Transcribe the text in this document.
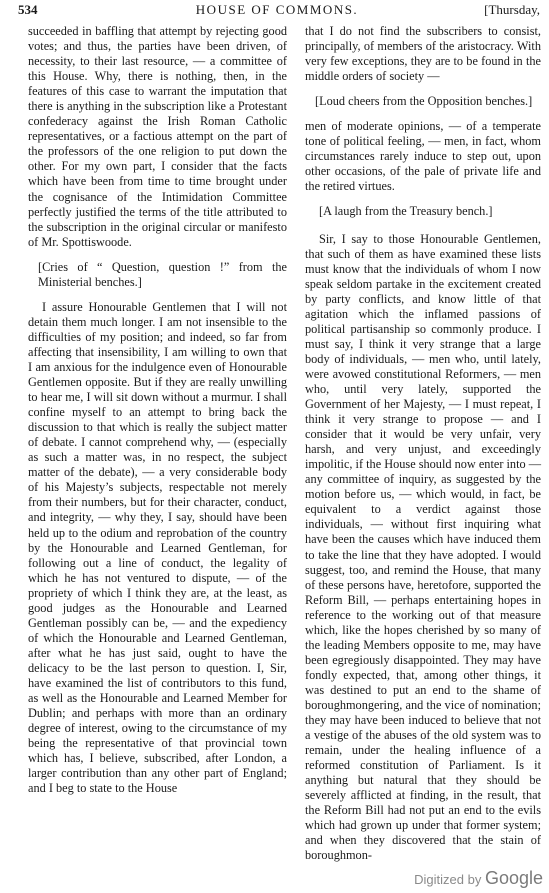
534	HOUSE OF COMMONS.	[Thursday,

succeeded in baffling that attempt by rejecting good votes; and thus, the parties have been driven, of necessity, to their last resource, — a committee of this House. Why, there is nothing, then, in the features of this case to warrant the imputation that there is anything in the subscription like a Protestant confederacy against the Irish Roman Catholic representatives, or a factious attempt on the part of the professors of the one religion to put down the other. For my own part, I consider that the facts which have been from time to time brought under the cognisance of the Intimidation Committee perfectly justified the terms of the title attributed to the subscription in the original circular or manifesto of Mr. Spottiswoode.

[Cries of “ Question, question !” from the Ministerial benches.]

I assure Honourable Gentlemen that I will not detain them much longer. I am not insensible to the difficulties of my position; and indeed, so far from affecting that insensibility, I am willing to own that I am anxious for the indulgence even of Honourable Gentlemen opposite. But if they are really unwilling to hear me, I will sit down without a murmur. I shall confine myself to an attempt to bring back the discussion to that which is really the subject matter of debate. I cannot comprehend why, — (especially as such a matter was, in no respect, the subject matter of the debate), — a very considerable body of his Majesty’s subjects, respectable not merely from their numbers, but for their character, conduct, and integrity, — why they, I say, should have been held up to the odium and reprobation of the country by the Honourable and Learned Gentleman, for following out a line of conduct, the legality of which he has not ventured to dispute, — of the propriety of which I think they are, at the least, as good judges as the Honourable and Learned Gentleman possibly can be, — and the expediency of which the Honourable and Learned Gentleman, after what he has just said, ought to have the delicacy to be the last person to question. I, Sir, have examined the list of contributors to this fund, as well as the Honourable and Learned Member for Dublin; and perhaps with more than an ordinary degree of interest, owing to the circumstance of my being the representative of that provincial town which has, I believe, subscribed, after London, a larger contribution than any other part of England; and I beg to state to the House

that I do not find the subscribers to consist, principally, of members of the aristocracy. With very few exceptions, they are to be found in the middle orders of society —

[Loud cheers from the Opposition benches.]

men of moderate opinions, — of a temperate tone of political feeling, — men, in fact, whom circumstances rarely induce to step out, upon other occasions, of the pale of private life and the retired virtues.

[A laugh from the Treasury bench.]

Sir, I say to those Honourable Gentlemen, that such of them as have examined these lists must know that the individuals of whom I now speak seldom partake in the excitement created by party conflicts, and know little of that agitation which the inflamed passions of political partisanship so commonly produce. I must say, I think it very strange that a large body of individuals, — men who, until lately, were avowed constitutional Reformers, — men who, until very lately, supported the Government of her Majesty, — I must repeat, I think it very strange to propose — and I consider that it would be very unfair, very harsh, and very unjust, and exceedingly impolitic, if the House should now enter into — any committee of inquiry, as suggested by the motion before us, — which would, in fact, be equivalent to a verdict against those individuals, — without first inquiring what have been the causes which have induced them to take the line that they have adopted. I would suggest, too, and remind the House, that many of these persons have, heretofore, supported the Reform Bill, — perhaps entertaining hopes in reference to the working out of that measure which, like the hopes cherished by so many of the leading Members opposite to me, may have been egregiously disappointed. They may have fondly expected, that, among other things, it was destined to put an end to the shame of boroughmongering, and the vice of nomination; they may have been induced to believe that not a vestige of the abuses of the old system was to remain, under the healing influence of a reformed constitution of Parliament. Is it anything but natural that they should be severely afflicted at finding, in the result, that the Reform Bill had not put an end to the evils which had grown up under that former system; and when they discovered that the stain of boroughmon-

Digitized by Google
